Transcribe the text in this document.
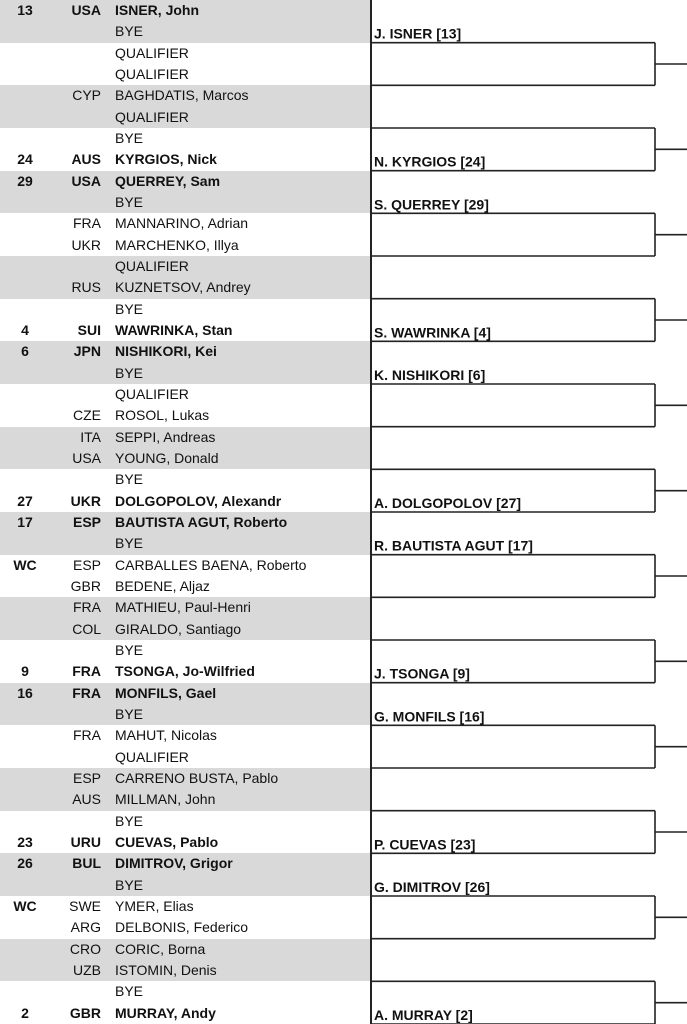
13	USA ISNER, John
BYE
QUALIFIER
QUALIFIER
CYP BAGHDATIS, Marcos
QUALIFIER
BYE
24	AUS KYRGIOS, Nick
29	USA QUERREY, Sam
BYE
FRA MANNARINO, Adrian
UKR MARCHENKO, Illya
QUALIFIER
RUS KUZNETSOV, Andrey
BYE
4	SUI WAWRINKA, Stan
6	JPN NISHIKORI, Kei
BYE
QUALIFIER
CZE ROSOL, Lukas
ITA SEPPI, Andreas
USA YOUNG, Donald
BYE
27	UKR DOLGOPOLOV, Alexandr
17	ESP BAUTISTA AGUT, Roberto
BYE
WC	ESP CARBALLES BAENA, Roberto
GBR BEDENE, Aljaz
FRA MATHIEU, Paul-Henri
COL GIRALDO, Santiago
BYE
9	FRA TSONGA, Jo-Wilfried
16	FRA MONFILS, Gael
BYE
FRA MAHUT, Nicolas
QUALIFIER
ESP CARRENO BUSTA, Pablo
AUS MILLMAN, John
BYE
23	URU CUEVAS, Pablo
26	BUL DIMITROV, Grigor
BYE
WC	SWE YMER, Elias
ARG DELBONIS, Federico
CRO CORIC, Borna
UZB ISTOMIN, Denis
BYE
2	GBR MURRAY, Andy
J. ISNER [13]
N. KYRGIOS [24]
S. QUERREY [29]
S. WAWRINKA [4]
K. NISHIKORI [6]
A. DOLGOPOLOV [27]
R. BAUTISTA AGUT [17]
J. TSONGA [9]
G. MONFILS [16]
P. CUEVAS [23]
G. DIMITROV [26]
A. MURRAY [2]
